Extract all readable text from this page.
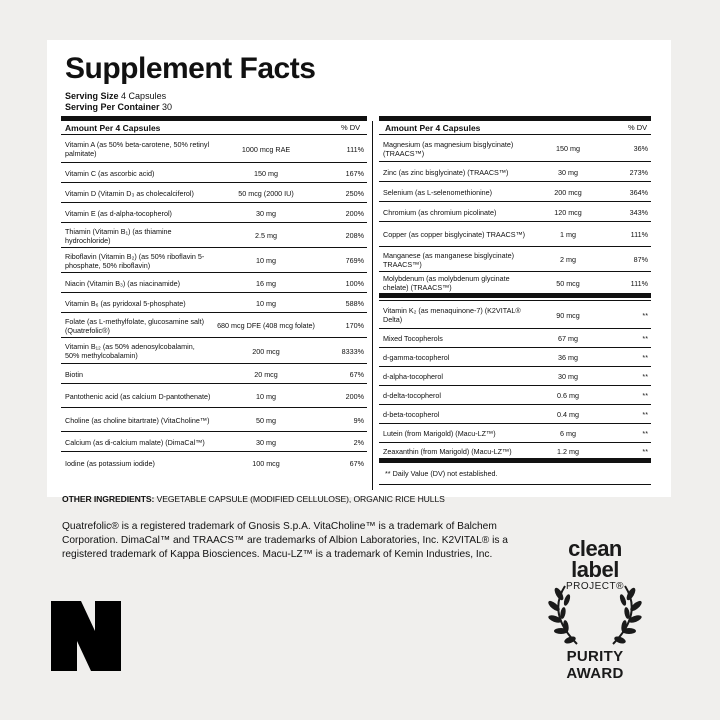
Supplement Facts
Serving Size 4 Capsules
Serving Per Container 30
Amount Per 4 Capsules	% DV	Amount Per 4 Capsules	% DV
Vitamin A (as 50% beta-carotene, 50% retinyl palmitate)	1000 mcg RAE	111%
Vitamin C (as ascorbic acid)	150 mg	167%
Vitamin D (Vitamin D₃ as cholecalciferol)	50 mcg (2000 IU)	250%
Vitamin E (as d-alpha-tocopherol)	30 mg	200%
Thiamin (Vitamin B₁) (as thiamine hydrochloride)	2.5 mg	208%
Riboflavin (Vitamin B₂) (as 50% riboflavin 5-phosphate, 50% riboflavin)	10 mg	769%
Niacin (Vitamin B₃) (as niacinamide)	16 mg	100%
Vitamin B₆ (as pyridoxal 5-phosphate)	10 mg	588%
Folate (as L-methylfolate, glucosamine salt) (Quatrefolic®)	680 mcg DFE (408 mcg folate)	170%
Vitamin B₁₂ (as 50% adenosylcobalamin, 50% methylcobalamin)	200 mcg	8333%
Biotin	20 mcg	67%
Pantothenic acid (as calcium D-pantothenate)	10 mg	200%
Choline (as choline bitartrate) (VitaCholine™)	50 mg	9%
Calcium (as di-calcium malate) (DimaCal™)	30 mg	2%
Iodine (as potassium iodide)	100 mcg	67%
Magnesium (as magnesium bisglycinate) (TRAACS™)	150 mg	36%
Zinc (as zinc bisglycinate) (TRAACS™)	30 mg	273%
Selenium (as L-selenomethionine)	200 mcg	364%
Chromium (as chromium picolinate)	120 mcg	343%
Copper (as copper bisglycinate) TRAACS™)	1 mg	111%
Manganese (as manganese bisglycinate) TRAACS™)	2 mg	87%
Molybdenum (as molybdenum glycinate chelate) (TRAACS™)	50 mcg	111%
Vitamin K₂ (as menaquinone-7) (K2VITAL® Delta)	90 mcg	**
Mixed Tocopherols	67 mg	**
d-gamma-tocopherol	36 mg	**
d-alpha-tocopherol	30 mg	**
d-delta-tocopherol	0.6 mg	**
d-beta-tocopherol	0.4 mg	**
Lutein (from Marigold) (Macu-LZ™)	6 mg	**
Zeaxanthin (from Marigold) (Macu-LZ™)	1.2 mg	**
** Daily Value (DV) not established.
OTHER INGREDIENTS: VEGETABLE CAPSULE (MODIFIED CELLULOSE), ORGANIC RICE HULLS
Quatrefolic® is a registered trademark of Gnosis S.p.A. VitaCholine™ is a trademark of Balchem Corporation. DimaCal™ and TRAACS™ are trademarks of Albion Laboratories, Inc. K2VITAL® is a registered trademark of Kappa Biosciences. Macu-LZ™ is a trademark of Kemin Industries, Inc.	clean
label
PROJECT®
PURITY
AWARD
